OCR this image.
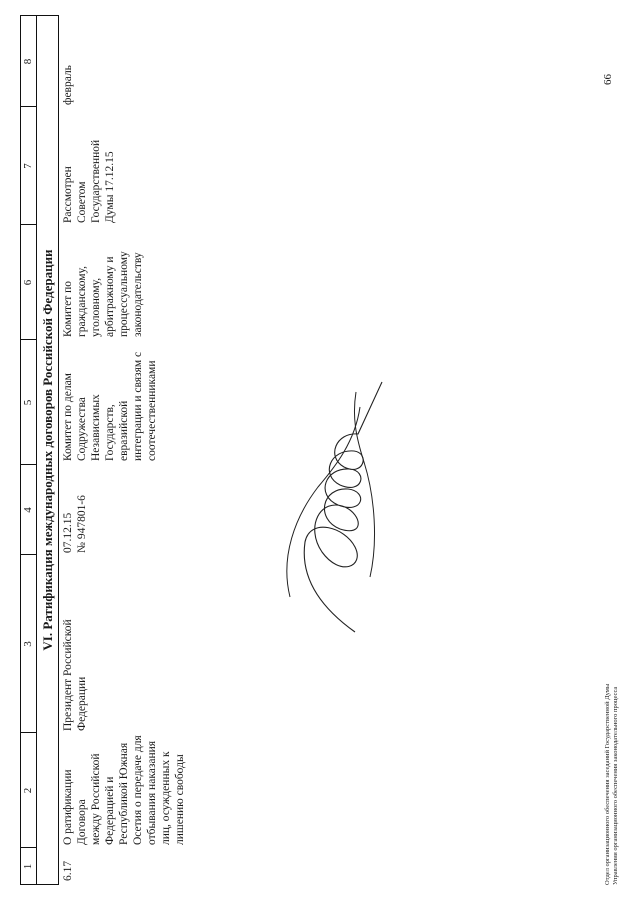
1
2
3
4
5
6
7
8
VI. Ратификация международных договоров Российской Федерации
6.17
О ратификации Договора
между Российской
Федерацией и
Республикой Южная
Осетия о передаче для
отбывания наказания
лиц, осужденных к
лишению свободы
Президент Российской
Федерации
07.12.15
№ 947801-6
Комитет по делам
Содружества
Независимых
Государств,
евразийской
интеграции и связям с
соотечественниками
Комитет по
гражданскому,
уголовному,
арбитражному и
процессуальному
законодательству
Рассмотрен
Советом
Государственной
Думы 17.12.15
февраль
Отдел организационного обеспечения заседаний Государственной Думы Управления организационного обеспечения законодательного процесса
66
